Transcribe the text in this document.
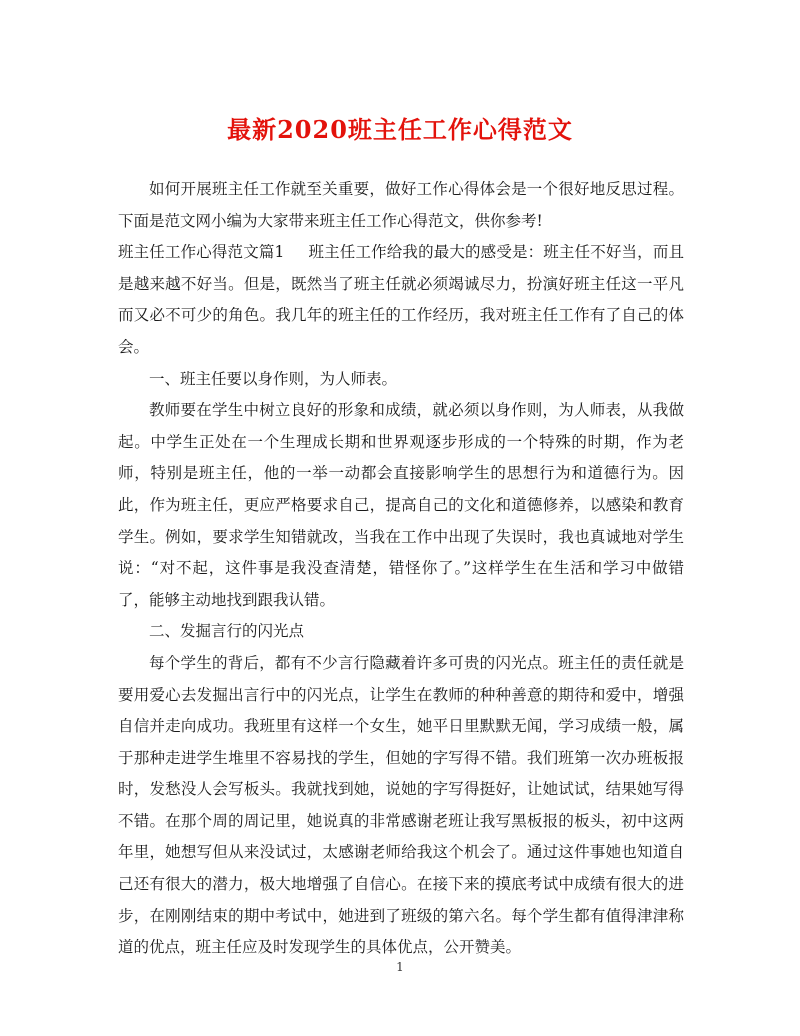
最新2020班主任工作心得范文

如何开展班主任工作就至关重要，做好工作心得体会是一个很好地反思过程。下面是范文网小编为大家带来班主任工作心得范文，供你参考!

班主任工作心得范文篇1 班主任工作给我的最大的感受是：班主任不好当，而且是越来越不好当。但是，既然当了班主任就必须竭诚尽力，扮演好班主任这一平凡而又必不可少的角色。我几年的班主任的工作经历，我对班主任工作有了自己的体会。

一、班主任要以身作则，为人师表。

教师要在学生中树立良好的形象和成绩，就必须以身作则，为人师表，从我做起。中学生正处在一个生理成长期和世界观逐步形成的一个特殊的时期，作为老师，特别是班主任，他的一举一动都会直接影响学生的思想行为和道德行为。因此，作为班主任，更应严格要求自己，提高自己的文化和道德修养，以感染和教育学生。例如，要求学生知错就改，当我在工作中出现了失误时，我也真诚地对学生说：“对不起，这件事是我没查清楚，错怪你了。”这样学生在生活和学习中做错了，能够主动地找到跟我认错。

二、发掘言行的闪光点

每个学生的背后，都有不少言行隐藏着许多可贵的闪光点。班主任的责任就是要用爱心去发掘出言行中的闪光点，让学生在教师的种种善意的期待和爱中，增强自信并走向成功。我班里有这样一个女生，她平日里默默无闻，学习成绩一般，属于那种走进学生堆里不容易找的学生，但她的字写得不错。我们班第一次办班板报时，发愁没人会写板头。我就找到她，说她的字写得挺好，让她试试，结果她写得不错。在那个周的周记里，她说真的非常感谢老班让我写黑板报的板头，初中这两年里，她想写但从来没试过，太感谢老师给我这个机会了。通过这件事她也知道自己还有很大的潜力，极大地增强了自信心。在接下来的摸底考试中成绩有很大的进步，在刚刚结束的期中考试中，她进到了班级的第六名。每个学生都有值得津津称道的优点，班主任应及时发现学生的具体优点，公开赞美。

1
